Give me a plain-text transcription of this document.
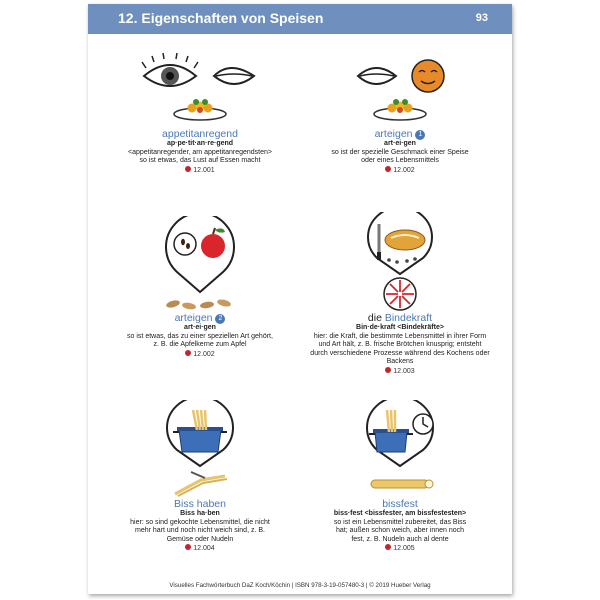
12. Eigenschaften von Speisen	93
appetitanregend
ap·pe·tit·an·re·gend
<appetitanregender, am appetitanregendsten>
so ist etwas, das Lust auf Essen macht
12.001
arteigen 1
art·ei·gen
so ist der spezielle Geschmack einer Speise oder eines Lebensmittels
12.002
arteigen 2
art·ei·gen
so ist etwas, das zu einer speziellen Art gehört, z. B. die Apfelkerne zum Apfel
12.002
die Bindekraft
Bin·de·kraft <Bindekräfte>
hier: die Kraft, die bestimmte Lebensmittel in ihrer Form und Art hält, z. B. frische Brötchen knusprig; entsteht durch verschiedene Prozesse während des Kochens oder Backens
12.003
Biss haben
Biss ha·ben
hier: so sind gekochte Lebensmittel, die nicht mehr hart und noch nicht weich sind, z. B. Gemüse oder Nudeln
12.004
bissfest
biss·fest <bissfester, am bissfestesten>
so ist ein Lebensmittel zubereitet, das Biss hat; außen schon weich, aber innen noch fest, z. B. Nudeln auch al dente
12.005
Visuelles Fachwörterbuch DaZ Koch/Köchin | ISBN 978-3-19-057480-3 | © 2019 Hueber Verlag
